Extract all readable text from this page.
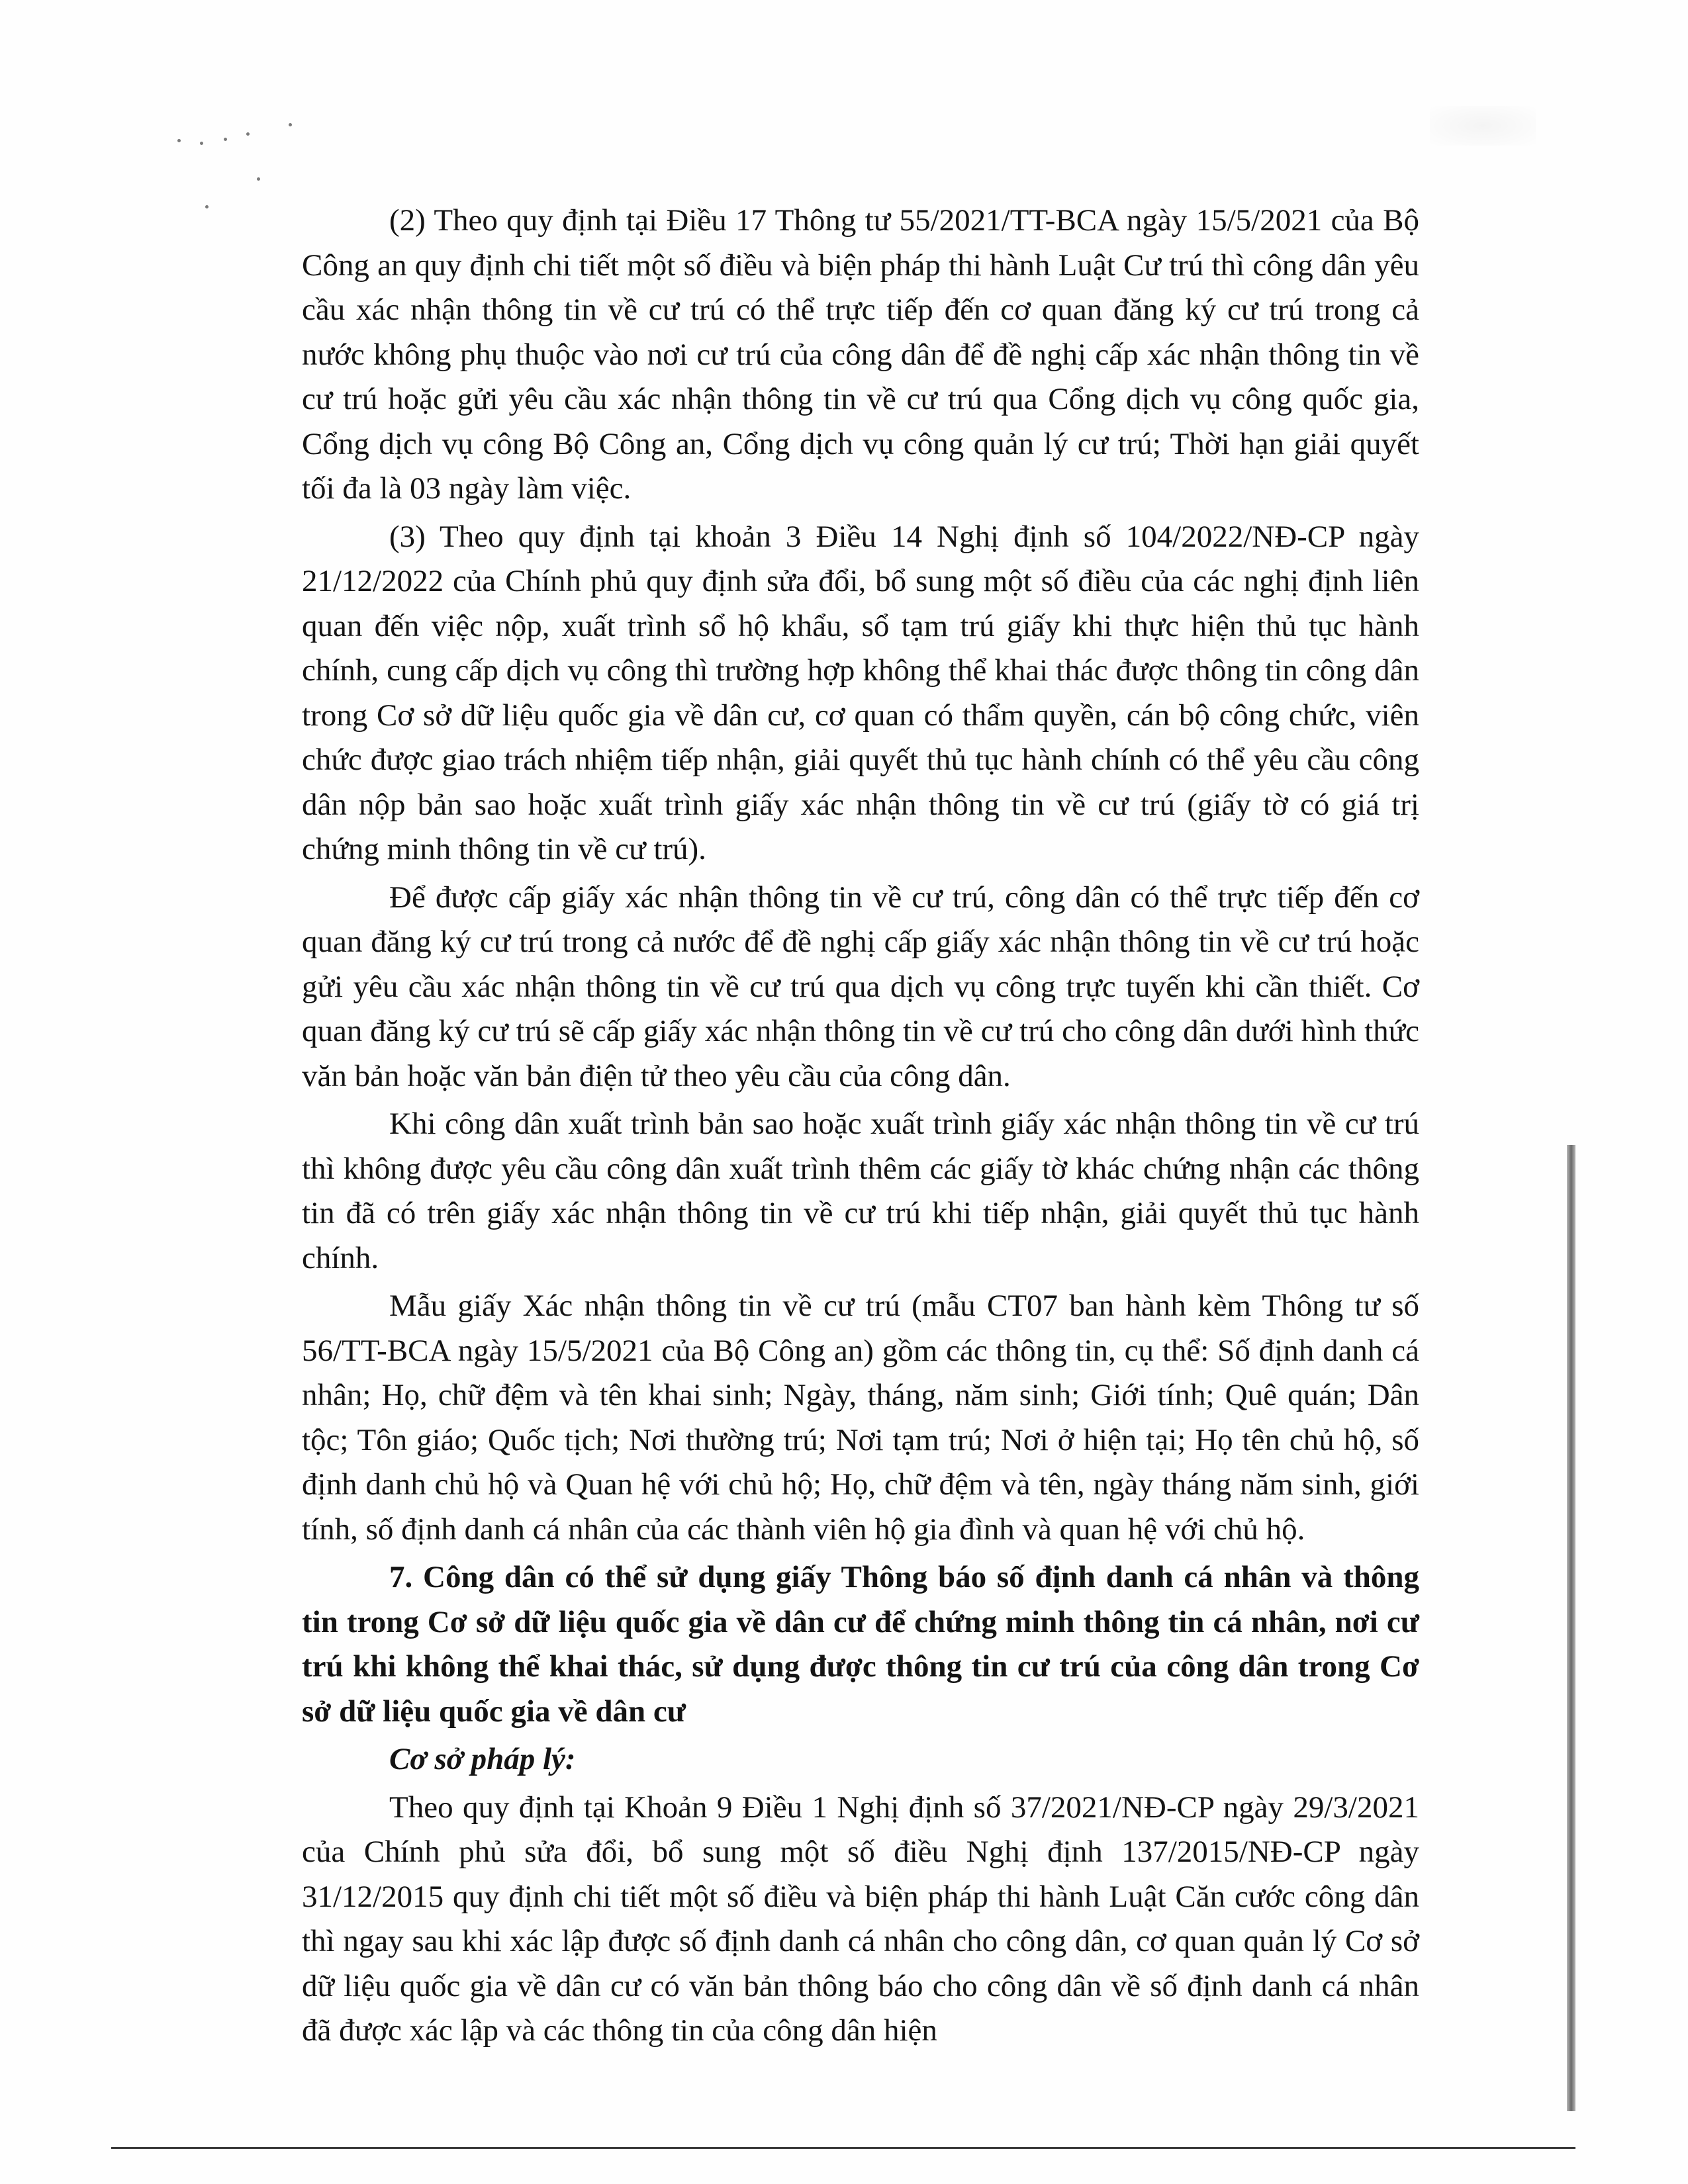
(2) Theo quy định tại Điều 17 Thông tư 55/2021/TT-BCA ngày 15/5/2021 của Bộ Công an quy định chi tiết một số điều và biện pháp thi hành Luật Cư trú thì công dân yêu cầu xác nhận thông tin về cư trú có thể trực tiếp đến cơ quan đăng ký cư trú trong cả nước không phụ thuộc vào nơi cư trú của công dân để đề nghị cấp xác nhận thông tin về cư trú hoặc gửi yêu cầu xác nhận thông tin về cư trú qua Cổng dịch vụ công quốc gia, Cổng dịch vụ công Bộ Công an, Cổng dịch vụ công quản lý cư trú; Thời hạn giải quyết tối đa là 03 ngày làm việc.

(3) Theo quy định tại khoản 3 Điều 14 Nghị định số 104/2022/NĐ-CP ngày 21/12/2022 của Chính phủ quy định sửa đổi, bổ sung một số điều của các nghị định liên quan đến việc nộp, xuất trình sổ hộ khẩu, sổ tạm trú giấy khi thực hiện thủ tục hành chính, cung cấp dịch vụ công thì trường hợp không thể khai thác được thông tin công dân trong Cơ sở dữ liệu quốc gia về dân cư, cơ quan có thẩm quyền, cán bộ công chức, viên chức được giao trách nhiệm tiếp nhận, giải quyết thủ tục hành chính có thể yêu cầu công dân nộp bản sao hoặc xuất trình giấy xác nhận thông tin về cư trú (giấy tờ có giá trị chứng minh thông tin về cư trú).

Để được cấp giấy xác nhận thông tin về cư trú, công dân có thể trực tiếp đến cơ quan đăng ký cư trú trong cả nước để đề nghị cấp giấy xác nhận thông tin về cư trú hoặc gửi yêu cầu xác nhận thông tin về cư trú qua dịch vụ công trực tuyến khi cần thiết. Cơ quan đăng ký cư trú sẽ cấp giấy xác nhận thông tin về cư trú cho công dân dưới hình thức văn bản hoặc văn bản điện tử theo yêu cầu của công dân.

Khi công dân xuất trình bản sao hoặc xuất trình giấy xác nhận thông tin về cư trú thì không được yêu cầu công dân xuất trình thêm các giấy tờ khác chứng nhận các thông tin đã có trên giấy xác nhận thông tin về cư trú khi tiếp nhận, giải quyết thủ tục hành chính.

Mẫu giấy Xác nhận thông tin về cư trú (mẫu CT07 ban hành kèm Thông tư số 56/TT-BCA ngày 15/5/2021 của Bộ Công an) gồm các thông tin, cụ thể: Số định danh cá nhân; Họ, chữ đệm và tên khai sinh; Ngày, tháng, năm sinh; Giới tính; Quê quán; Dân tộc; Tôn giáo; Quốc tịch; Nơi thường trú; Nơi tạm trú; Nơi ở hiện tại; Họ tên chủ hộ, số định danh chủ hộ và Quan hệ với chủ hộ; Họ, chữ đệm và tên, ngày tháng năm sinh, giới tính, số định danh cá nhân của các thành viên hộ gia đình và quan hệ với chủ hộ.

7. Công dân có thể sử dụng giấy Thông báo số định danh cá nhân và thông tin trong Cơ sở dữ liệu quốc gia về dân cư để chứng minh thông tin cá nhân, nơi cư trú khi không thể khai thác, sử dụng được thông tin cư trú của công dân trong Cơ sở dữ liệu quốc gia về dân cư

Cơ sở pháp lý:

Theo quy định tại Khoản 9 Điều 1 Nghị định số 37/2021/NĐ-CP ngày 29/3/2021 của Chính phủ sửa đổi, bổ sung một số điều Nghị định 137/2015/NĐ-CP ngày 31/12/2015 quy định chi tiết một số điều và biện pháp thi hành Luật Căn cước công dân thì ngay sau khi xác lập được số định danh cá nhân cho công dân, cơ quan quản lý Cơ sở dữ liệu quốc gia về dân cư có văn bản thông báo cho công dân về số định danh cá nhân đã được xác lập và các thông tin của công dân hiện
